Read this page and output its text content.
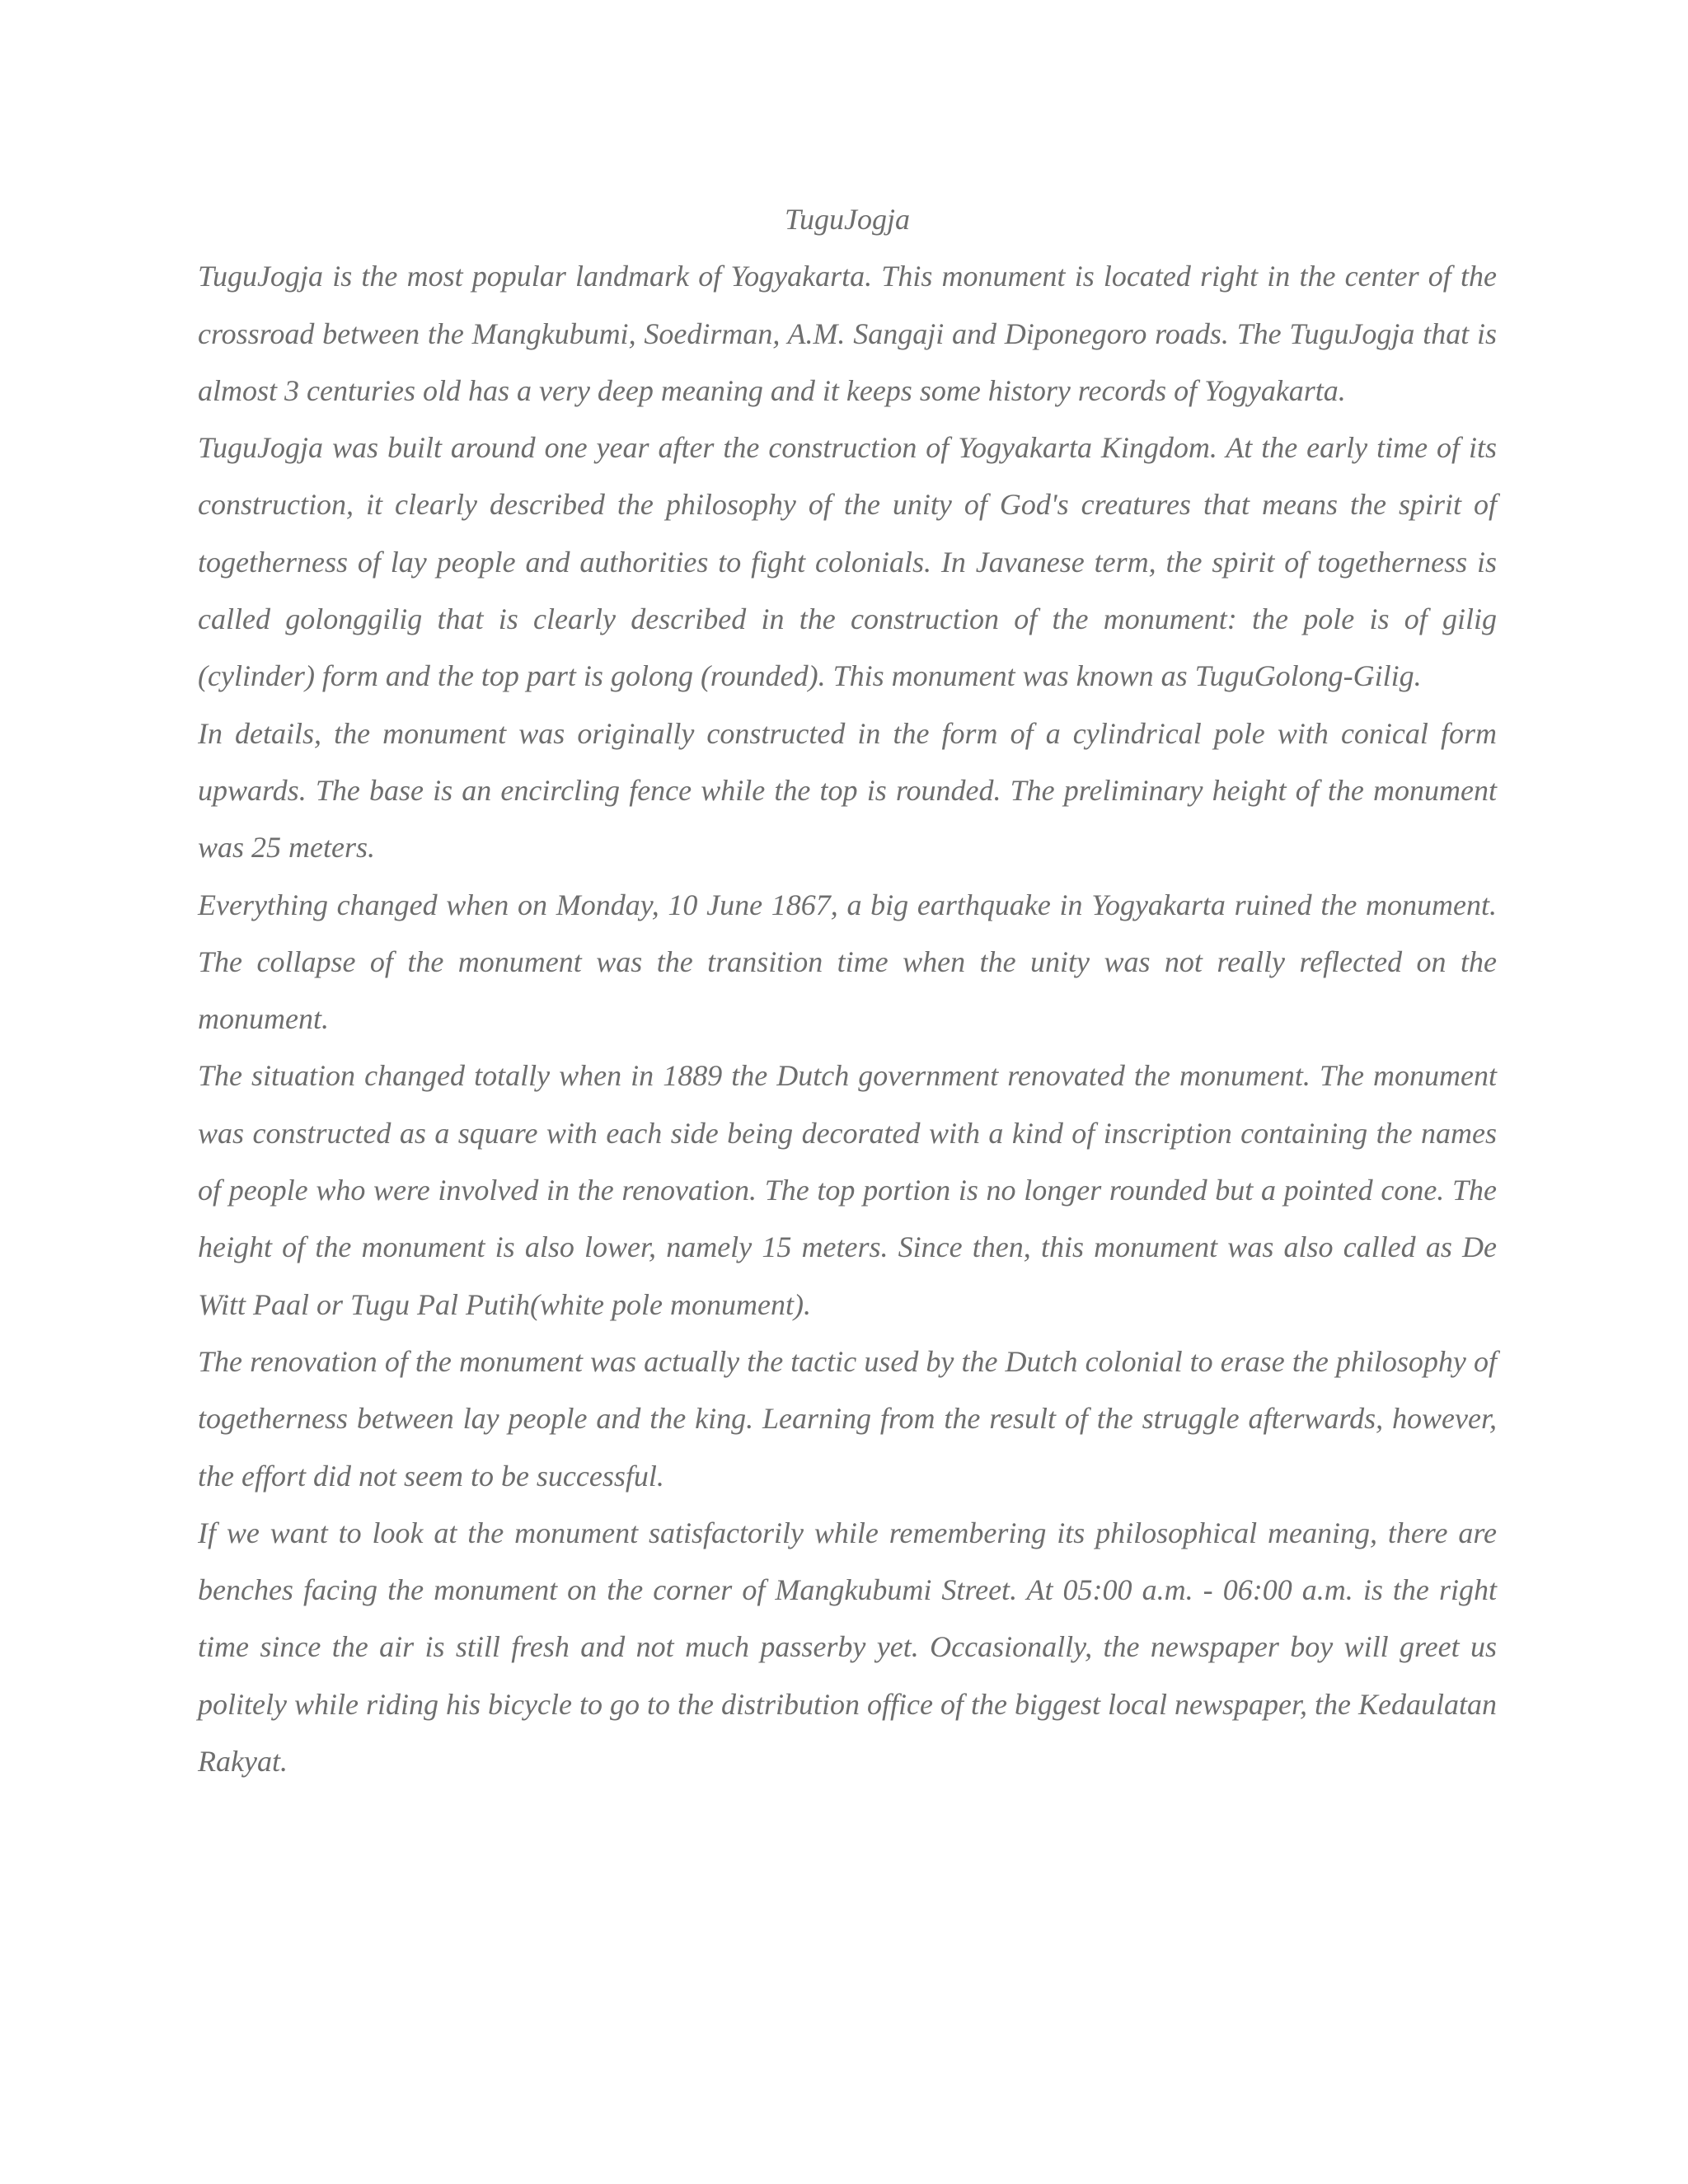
TuguJogja

TuguJogja is the most popular landmark of Yogyakarta. This monument is located right in the center of the crossroad between the Mangkubumi, Soedirman, A.M. Sangaji and Diponegoro roads. The TuguJogja that is almost 3 centuries old has a very deep meaning and it keeps some history records of Yogyakarta.

TuguJogja was built around one year after the construction of Yogyakarta Kingdom. At the early time of its construction, it clearly described the philosophy of the unity of God's creatures that means the spirit of togetherness of lay people and authorities to fight colonials. In Javanese term, the spirit of togetherness is called golonggilig that is clearly described in the construction of the monument: the pole is of gilig (cylinder) form and the top part is golong (rounded). This monument was known as TuguGolong-Gilig.

In details, the monument was originally constructed in the form of a cylindrical pole with conical form upwards. The base is an encircling fence while the top is rounded. The preliminary height of the monument was 25 meters.

Everything changed when on Monday, 10 June 1867, a big earthquake in Yogyakarta ruined the monument. The collapse of the monument was the transition time when the unity was not really reflected on the monument.

The situation changed totally when in 1889 the Dutch government renovated the monument. The monument was constructed as a square with each side being decorated with a kind of inscription containing the names of people who were involved in the renovation. The top portion is no longer rounded but a pointed cone. The height of the monument is also lower, namely 15 meters. Since then, this monument was also called as De Witt Paal or Tugu Pal Putih(white pole monument).

The renovation of the monument was actually the tactic used by the Dutch colonial to erase the philosophy of togetherness between lay people and the king. Learning from the result of the struggle afterwards, however, the effort did not seem to be successful.

If we want to look at the monument satisfactorily while remembering its philosophical meaning, there are benches facing the monument on the corner of Mangkubumi Street. At 05:00 a.m. - 06:00 a.m. is the right time since the air is still fresh and not much passerby yet. Occasionally, the newspaper boy will greet us politely while riding his bicycle to go to the distribution office of the biggest local newspaper, the Kedaulatan Rakyat.
